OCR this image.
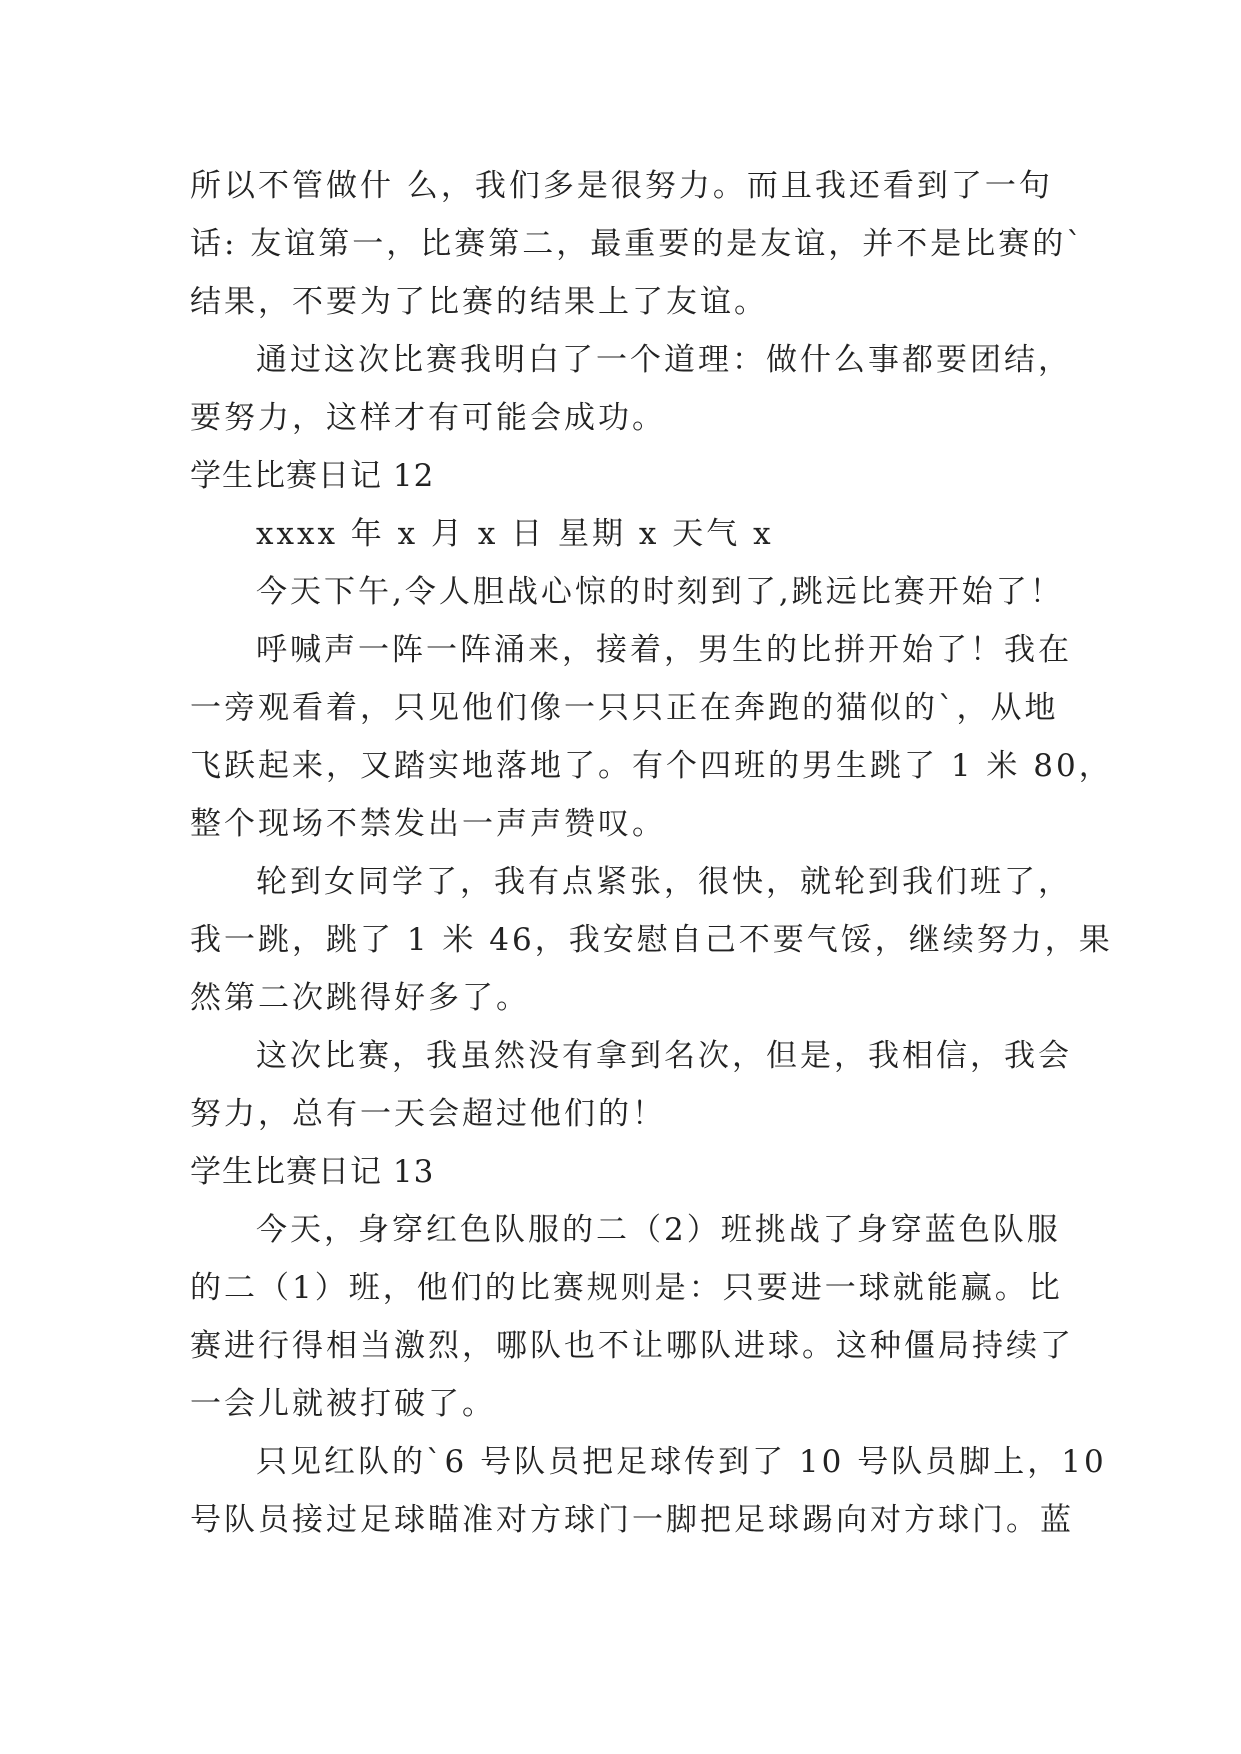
所以不管做什 么，我们多是很努力。而且我还看到了一句
话: 友谊第一，比赛第二，最重要的是友谊，并不是比赛的`
结果，不要为了比赛的结果上了友谊。
通过这次比赛我明白了一个道理：做什么事都要团结，
要努力，这样才有可能会成功。
学生比赛日记 12
xxxx 年 x 月 x 日 星期 x 天气 x
今天下午,令人胆战心惊的时刻到了,跳远比赛开始了！
呼喊声一阵一阵涌来，接着，男生的比拼开始了！我在
一旁观看着，只见他们像一只只正在奔跑的猫似的`，从地
飞跃起来，又踏实地落地了。有个四班的男生跳了 1 米 80，
整个现场不禁发出一声声赞叹。
轮到女同学了，我有点紧张，很快，就轮到我们班了，
我一跳，跳了 1 米 46，我安慰自己不要气馁，继续努力，果
然第二次跳得好多了。
这次比赛，我虽然没有拿到名次，但是，我相信，我会
努力，总有一天会超过他们的！
学生比赛日记 13
今天，身穿红色队服的二（2）班挑战了身穿蓝色队服
的二（1）班，他们的比赛规则是：只要进一球就能赢。比
赛进行得相当激烈，哪队也不让哪队进球。这种僵局持续了
一会儿就被打破了。
只见红队的`6 号队员把足球传到了 10 号队员脚上，10
号队员接过足球瞄准对方球门一脚把足球踢向对方球门。蓝
